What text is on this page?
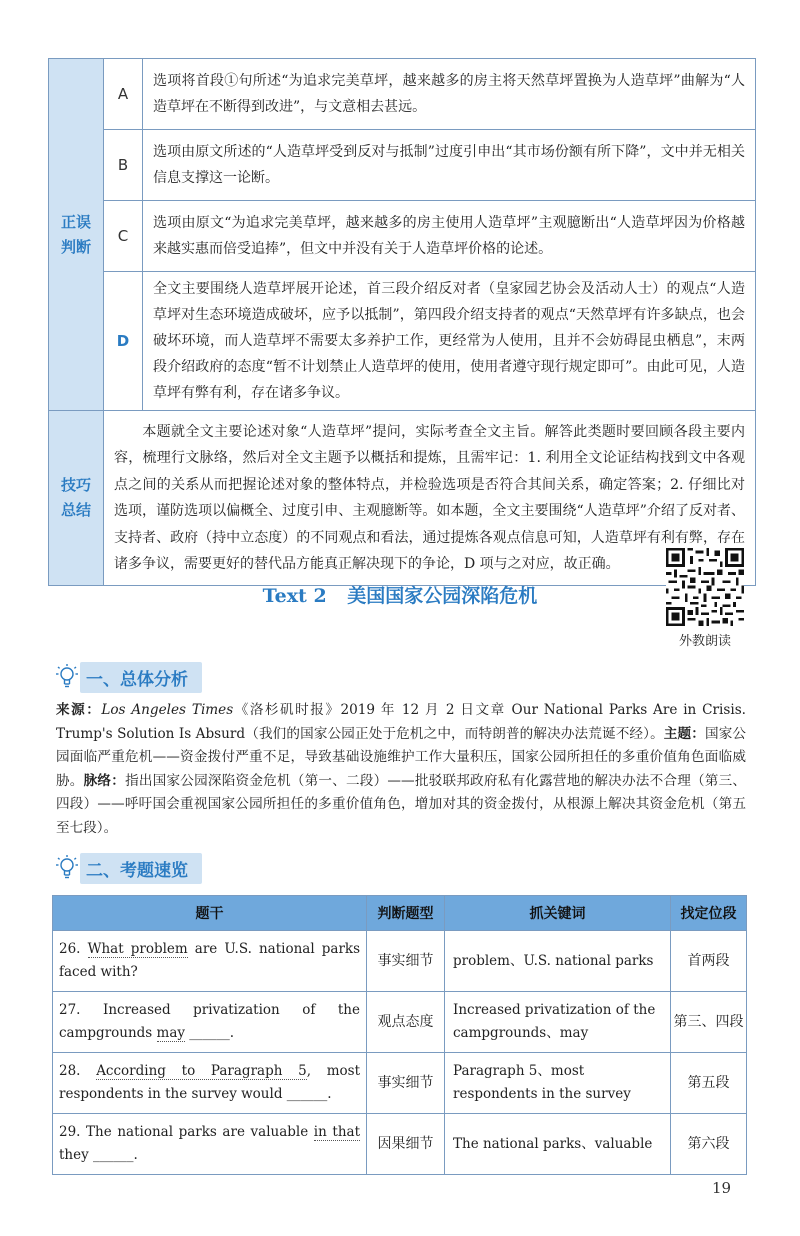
正误
判断	A	选项将首段①句所述“为追求完美草坪，越来越多的房主将天然草坪置换为人造草坪”曲解为“人造草坪在不断得到改进”，与文意相去甚远。
	B	选项由原文所述的“人造草坪受到反对与抵制”过度引申出“其市场份额有所下降”，文中并无相关信息支撑这一论断。
	C	选项由原文“为追求完美草坪，越来越多的房主使用人造草坪”主观臆断出“人造草坪因为价格越来越实惠而倍受追捧”，但文中并没有关于人造草坪价格的论述。
	D	全文主要围绕人造草坪展开论述，首三段介绍反对者（皇家园艺协会及活动人士）的观点“人造草坪对生态环境造成破坏，应予以抵制”，第四段介绍支持者的观点“天然草坪有许多缺点，也会破坏环境，而人造草坪不需要太多养护工作，更经常为人使用，且并不会妨碍昆虫栖息”，末两段介绍政府的态度“暂不计划禁止人造草坪的使用，使用者遵守现行规定即可”。由此可见，人造草坪有弊有利，存在诸多争议。

技巧
总结	本题就全文主要论述对象“人造草坪”提问，实际考查全文主旨。解答此类题时要回顾各段主要内容，梳理行文脉络，然后对全文主题予以概括和提炼，且需牢记：1. 利用全文论证结构找到文中各观点之间的关系从而把握论述对象的整体特点，并检验选项是否符合其间关系，确定答案；2. 仔细比对选项，谨防选项以偏概全、过度引申、主观臆断等。如本题，全文主要围绕“人造草坪”介绍了反对者、支持者、政府（持中立态度）的不同观点和看法，通过提炼各观点信息可知，人造草坪有利有弊，存在诸多争议，需要更好的替代品方能真正解决现下的争论，D 项与之对应，故正确。	
Text 2 美国国家公园深陷危机
外教朗读
一、总体分析
来源：Los Angeles Times《洛杉矶时报》2019 年 12 月 2 日文章 Our National Parks Are in Crisis. Trump's Solution Is Absurd（我们的国家公园正处于危机之中，而特朗普的解决办法荒诞不经）。主题：国家公园面临严重危机——资金拨付严重不足，导致基础设施维护工作大量积压，国家公园所担任的多重价值角色面临威胁。脉络：指出国家公园深陷资金危机（第一、二段）——批驳联邦政府私有化露营地的解决办法不合理（第三、四段）——呼吁国会重视国家公园所担任的多重价值角色，增加对其的资金拨付，从根源上解决其资金危机（第五至七段）。
二、考题速览
题干	判断题型	抓关键词	找定位段
26. What problem are U.S. national parks faced with?	事实细节	problem、U.S. national parks	首两段
27. Increased privatization of the campgrounds may ______.	观点态度	Increased privatization of the campgrounds、may	第三、四段
28. According to Paragraph 5, most respondents in the survey would ______.	事实细节	Paragraph 5、most respondents in the survey	第五段
29. The national parks are valuable in that they ______.	因果细节	The national parks、valuable	第六段
19
